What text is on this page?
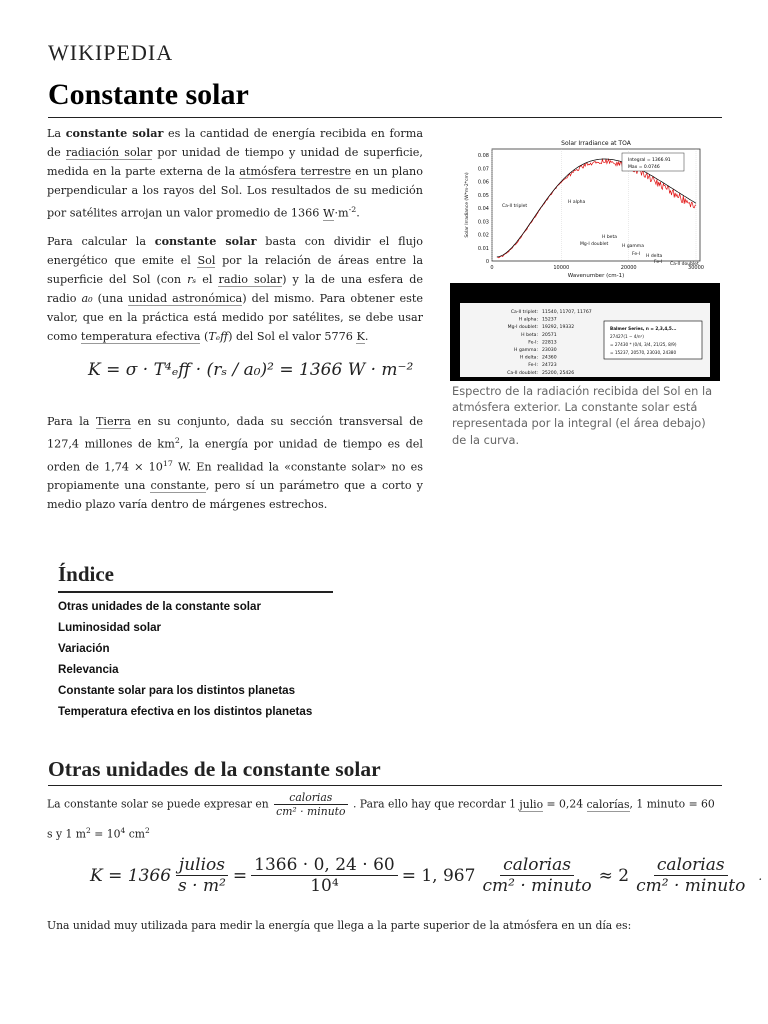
WIKIPEDIA
Constante solar
La constante solar es la cantidad de energía recibida en forma de radiación solar por unidad de tiempo y unidad de superficie, medida en la parte externa de la atmósfera terrestre en un plano perpendicular a los rayos del Sol. Los resultados de su medición por satélites arrojan un valor promedio de 1366 $W\cdot m^{-2}$.
Para calcular la constante solar basta con dividir el flujo energético que emite el Sol por la relación de áreas entre la superficie del Sol (con rₛ el radio solar) y la de una esfera de radio a₀ (una unidad astronómica) del mismo. Para obtener este valor, que en la práctica está medido por satélites, se debe usar como temperatura efectiva (Tₑff) del Sol el valor 5776 K.
K = σ · T⁴ₑff · (rₛ / a₀)² = 1366 W · m⁻²
Para la Tierra en su conjunto, dada su sección transversal de 127,4 millones de $km^2$, la energía por unidad de tiempo es del orden de $1,74 \times 10^{17}$ W. En realidad la «constante solar» no es propiamente una constante, pero sí un parámetro que a corto y medio plazo varía dentro de márgenes estrechos.
Solar Irradiance at TOA
Solar Irradiance (W*m-2*cm)
Wavenumber (cm-1)
0.08
0.07
0.06
0.05
0.04
0.03
0.02
0.01
0
0	10000	20000	30000
Integral = 1366.91
Max = 0.0746
Ca-II triplet
H alpha
Mg-I doublet
H beta
H gamma
Fe-I H delta
Fe-I Ca-II doublet
Ca-II triplet: 11540, 11707, 11767
H alpha: 15237
Mg-I doublet: 19292, 19332
H beta: 20571
Fe-I: 22813
H gamma: 23030
H delta: 24360
Fe-I: 24723
Ca-II doublet: 25200, 25426
Balmer Series, n = 2,3,4,5...
27427(1 − 4/n²)
= 27430 * (0/4, 3/4, 21/25, 8/9)
= 15237, 20570, 23030, 24380
Espectro de la radiación recibida del Sol en la atmósfera exterior. La constante solar está representada por la integral (el área debajo) de la curva.
Índice
Otras unidades de la constante solar
Luminosidad solar
Variación
Relevancia
Constante solar para los distintos planetas
Temperatura efectiva en los distintos planetas
Otras unidades de la constante solar
La constante solar se puede expresar en	calorias
cm² · minuto
. Para ello hay que recordar 1 julio = 0,24 calorías, 1 minuto = 60 s y 1 $m^2 = 10^4$ $cm^2$
K = 1366
julios
s · m²
= $\frac{1366 \cdot 0, 24 \cdot 60}{\text{10⁴}} = 1$, 967
calorias
cm² · minuto
≈ 2
calorias
cm² · minuto
.
Una unidad muy utilizada para medir la energía que llega a la parte superior de la atmósfera en un día es:
